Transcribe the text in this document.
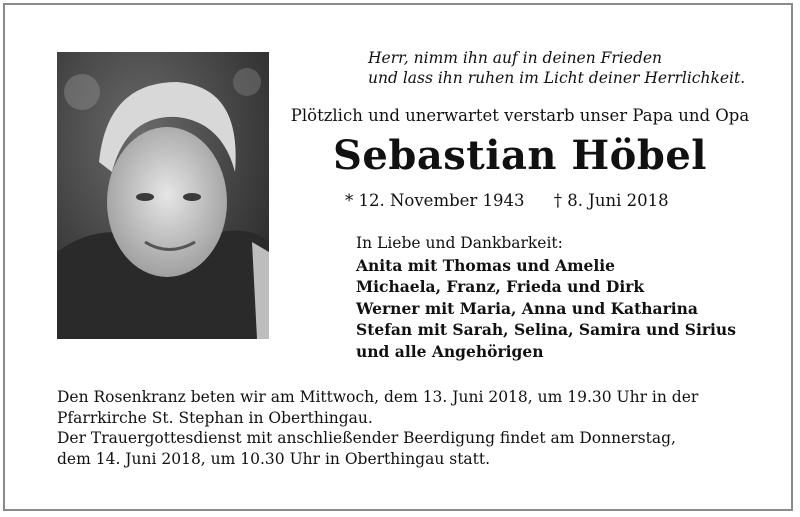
Herr, nimm ihn auf in deinen Frieden
und lass ihn ruhen im Licht deiner Herrlichkeit.
Plötzlich und unerwartet verstarb unser Papa und Opa
Sebastian Höbel
* 12. November 1943 † 8. Juni 2018
In Liebe und Dankbarkeit:
Anita mit Thomas und Amelie
Michaela, Franz, Frieda und Dirk
Werner mit Maria, Anna und Katharina
Stefan mit Sarah, Selina, Samira und Sirius
und alle Angehörigen
Den Rosenkranz beten wir am Mittwoch, dem 13. Juni 2018, um 19.30 Uhr in der
Pfarrkirche St. Stephan in Oberthingau.
Der Trauergottesdienst mit anschließender Beerdigung findet am Donnerstag,
dem 14. Juni 2018, um 10.30 Uhr in Oberthingau statt.
